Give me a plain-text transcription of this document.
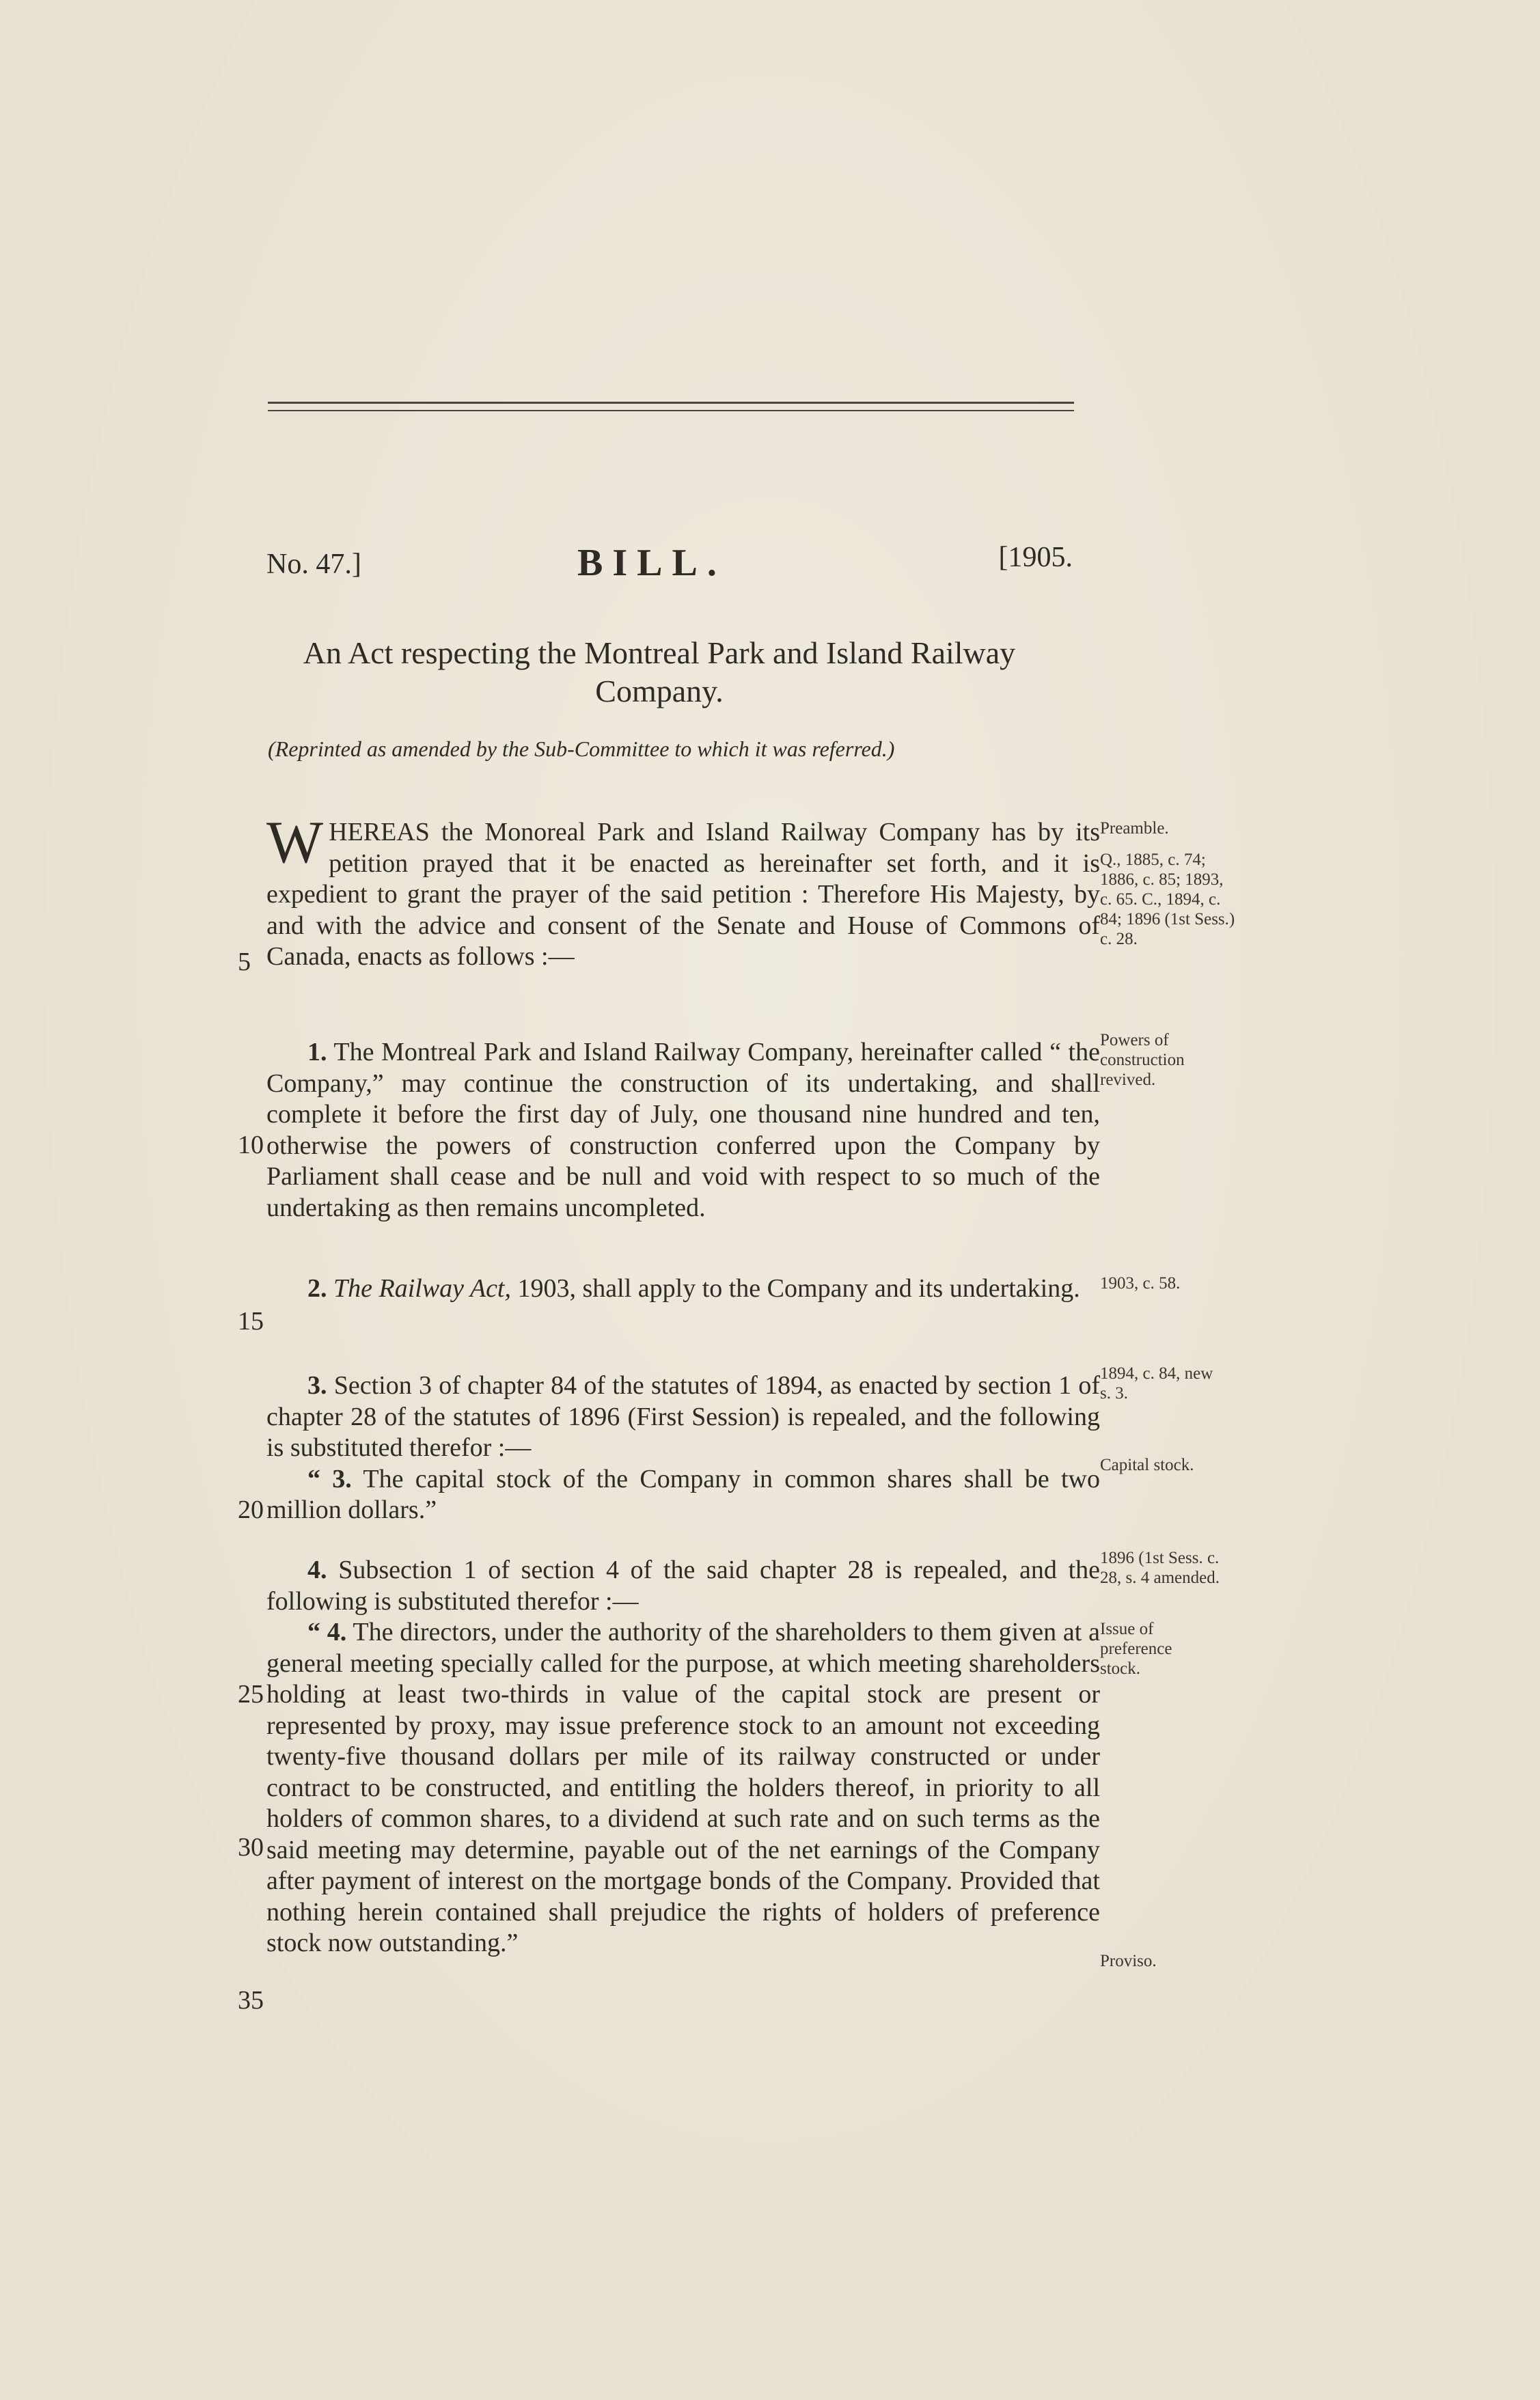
No. 47.]	BILL.	[1905.
An Act respecting the Montreal Park and Island Railway Company.
(Reprinted as amended by the Sub-Committee to which it was referred.)

WHEREAS the Monoreal Park and Island Railway Company has by its petition prayed that it be enacted as hereinafter set forth, and it is expedient to grant the prayer of the said petition : Therefore His Majesty, by and with the advice and consent of the Senate and House of Commons of Canada, enacts as follows :—

1. The Montreal Park and Island Railway Company, hereinafter called “ the Company,” may continue the construction of its undertaking, and shall complete it before the first day of July, one thousand nine hundred and ten, otherwise the powers of construction conferred upon the Company by Parliament shall cease and be null and void with respect to so much of the undertaking as then remains uncompleted.

2. The Railway Act, 1903, shall apply to the Company and its undertaking.

3. Section 3 of chapter 84 of the statutes of 1894, as enacted by section 1 of chapter 28 of the statutes of 1896 (First Session) is repealed, and the following is substituted therefor :—

“ 3. The capital stock of the Company in common shares shall be two million dollars.”

4. Subsection 1 of section 4 of the said chapter 28 is repealed, and the following is substituted therefor :—

“ 4. The directors, under the authority of the shareholders to them given at a general meeting specially called for the purpose, at which meeting shareholders holding at least two-thirds in value of the capital stock are present or represented by proxy, may issue preference stock to an amount not exceeding twenty-five thousand dollars per mile of its railway constructed or under contract to be constructed, and entitling the holders thereof, in priority to all holders of common shares, to a dividend at such rate and on such terms as the said meeting may determine, payable out of the net earnings of the Company after payment of interest on the mortgage bonds of the Company. Provided that nothing herein contained shall prejudice the rights of holders of preference stock now outstanding.”

5
10
15
20
25
30
35
Preamble.
Q., 1885, c. 74; 1886, c. 85; 1893, c. 65. C., 1894, c. 84; 1896 (1st Sess.) c. 28.
Powers of construction revived.
1903, c. 58.
1894, c. 84, new s. 3.
Capital stock.
1896 (1st Sess. c. 28, s. 4 amended.
Issue of preference stock.
Proviso.
